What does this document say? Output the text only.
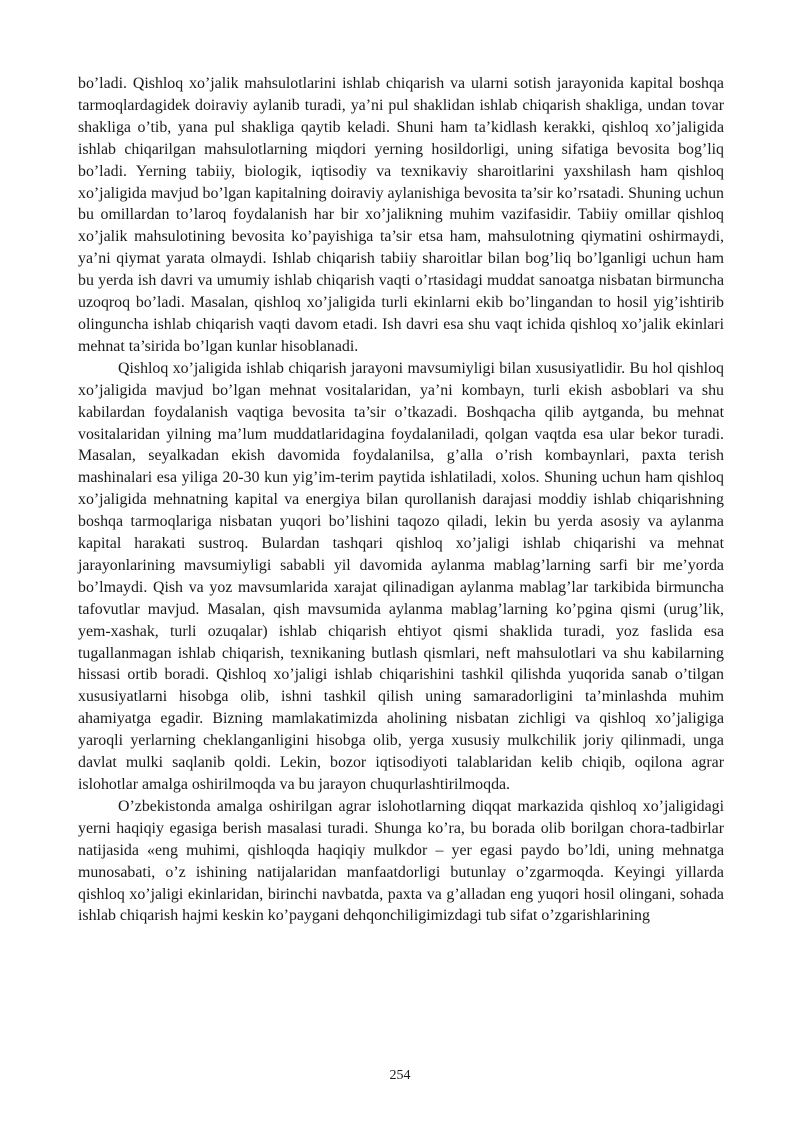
bo’ladi. Qishloq xo’jalik mahsulotlarini ishlab chiqarish va ularni sotish jarayonida kapital boshqa tarmoqlardagidek doiraviy aylanib turadi, ya’ni pul shaklidan ishlab chiqarish shakliga, undan tovar shakliga o’tib, yana pul shakliga qaytib keladi. Shuni ham ta’kidlash kerakki, qishloq xo’jaligida ishlab chiqarilgan mahsulotlarning miqdori yerning hosildorligi, uning sifatiga bevosita bog’liq bo’ladi. Yerning tabiiy, biologik, iqtisodiy va texnikaviy sharoitlarini yaxshilash ham qishloq xo’jaligida mavjud bo’lgan kapitalning doiraviy aylanishiga bevosita ta’sir ko’rsatadi. Shuning uchun bu omillardan to’laroq foydalanish har bir xo’jalikning muhim vazifasidir. Tabiiy omillar qishloq xo’jalik mahsulotining bevosita ko’payishiga ta’sir etsa ham, mahsulotning qiymatini oshirmaydi, ya’ni qiymat yarata olmaydi. Ishlab chiqarish tabiiy sharoitlar bilan bog’liq bo’lganligi uchun ham bu yerda ish davri va umumiy ishlab chiqarish vaqti o’rtasidagi muddat sanoatga nisbatan birmuncha uzoqroq bo’ladi. Masalan, qishloq xo’jaligida turli ekinlarni ekib bo’lingandan to hosil yig’ishtirib olinguncha ishlab chiqarish vaqti davom etadi. Ish davri esa shu vaqt ichida qishloq xo’jalik ekinlari mehnat ta’sirida bo’lgan kunlar hisoblanadi.

Qishloq xo’jaligida ishlab chiqarish jarayoni mavsumiyligi bilan xususiyatlidir. Bu hol qishloq xo’jaligida mavjud bo’lgan mehnat vositalaridan, ya’ni kombayn, turli ekish asboblari va shu kabilardan foydalanish vaqtiga bevosita ta’sir o’tkazadi. Boshqacha qilib aytganda, bu mehnat vositalaridan yilning ma’lum muddatlaridagina foydalaniladi, qolgan vaqtda esa ular bekor turadi. Masalan, seyalkadan ekish davomida foydalanilsa, g’alla o’rish kombaynlari, paxta terish mashinalari esa yiliga 20-30 kun yig’im-terim paytida ishlatiladi, xolos. Shuning uchun ham qishloq xo’jaligida mehnatning kapital va energiya bilan qurollanish darajasi moddiy ishlab chiqarishning boshqa tarmoqlariga nisbatan yuqori bo’lishini taqozo qiladi, lekin bu yerda asosiy va aylanma kapital harakati sustroq. Bulardan tashqari qishloq xo’jaligi ishlab chiqarishi va mehnat jarayonlarining mavsumiyligi sababli yil davomida aylanma mablag’larning sarfi bir me’yorda bo’lmaydi. Qish va yoz mavsumlarida xarajat qilinadigan aylanma mablag’lar tarkibida birmuncha tafovutlar mavjud. Masalan, qish mavsumida aylanma mablag’larning ko’pgina qismi (urug’lik, yem-xashak, turli ozuqalar) ishlab chiqarish ehtiyot qismi shaklida turadi, yoz faslida esa tugallanmagan ishlab chiqarish, texnikaning butlash qismlari, neft mahsulotlari va shu kabilarning hissasi ortib boradi. Qishloq xo’jaligi ishlab chiqarishini tashkil qilishda yuqorida sanab o’tilgan xususiyatlarni hisobga olib, ishni tashkil qilish uning samaradorligini ta’minlashda muhim ahamiyatga egadir. Bizning mamlakatimizda aholining nisbatan zichligi va qishloq xo’jaligiga yaroqli yerlarning cheklanganligini hisobga olib, yerga xususiy mulkchilik joriy qilinmadi, unga davlat mulki saqlanib qoldi. Lekin, bozor iqtisodiyoti talablaridan kelib chiqib, oqilona agrar islohotlar amalga oshirilmoqda va bu jarayon chuqurlashtirilmoqda.

O’zbekistonda amalga oshirilgan agrar islohotlarning diqqat markazida qishloq xo’jaligidagi yerni haqiqiy egasiga berish masalasi turadi. Shunga ko’ra, bu borada olib borilgan chora-tadbirlar natijasida «eng muhimi, qishloqda haqiqiy mulkdor – yer egasi paydo bo’ldi, uning mehnatga munosabati, o’z ishining natijalaridan manfaatdorligi butunlay o’zgarmoqda. Keyingi yillarda qishloq xo’jaligi ekinlaridan, birinchi navbatda, paxta va g’alladan eng yuqori hosil olingani, sohada ishlab chiqarish hajmi keskin ko’paygani dehqonchiligimizdagi tub sifat o’zgarishlarining

254
